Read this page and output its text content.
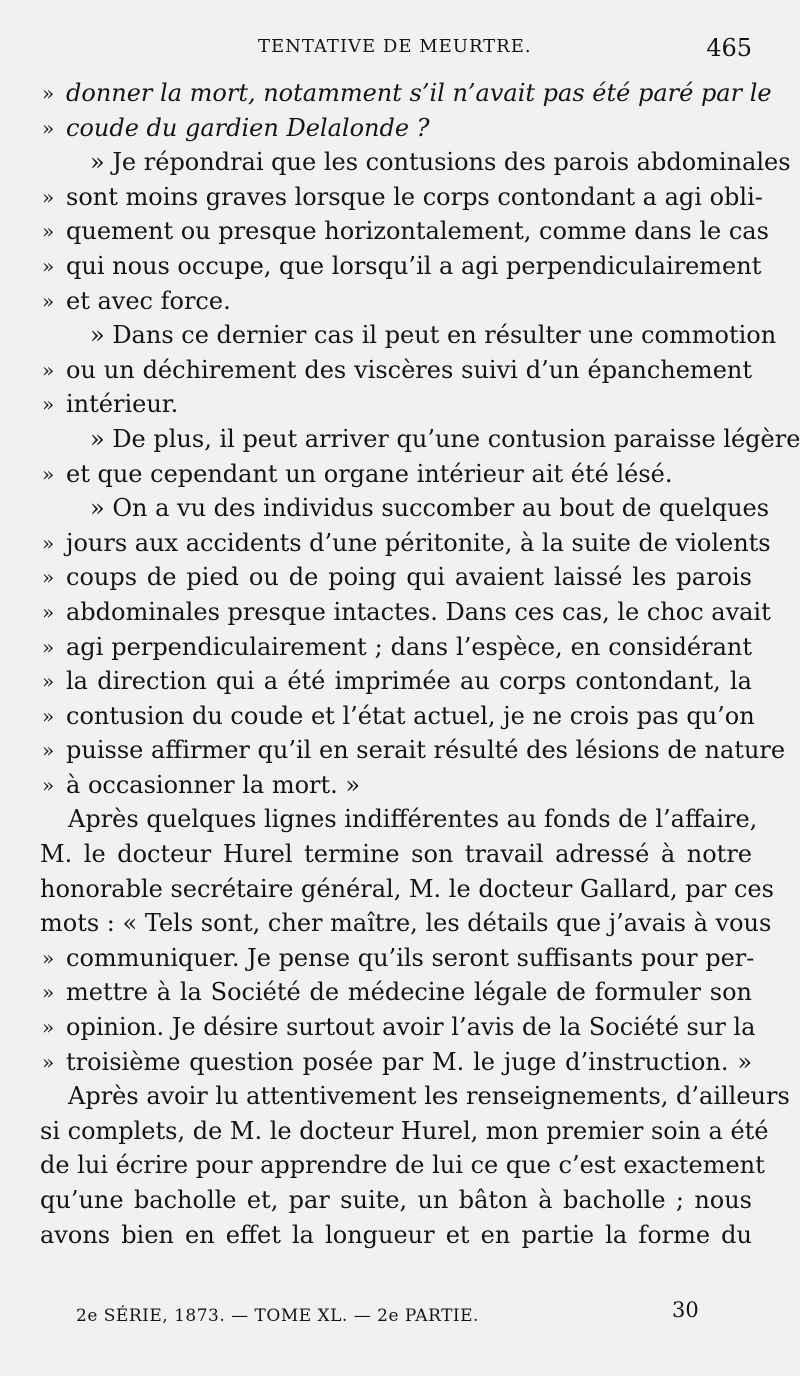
TENTATIVE DE MEURTRE.	465
» donner la mort, notamment s’il n’avait pas été paré par le
» coude du gardien Delalonde ?
» Je répondrai que les contusions des parois abdominales
» sont moins graves lorsque le corps contondant a agi obli-
» quement ou presque horizontalement, comme dans le cas
» qui nous occupe, que lorsqu’il a agi perpendiculairement
» et avec force.
» Dans ce dernier cas il peut en résulter une commotion
» ou un déchirement des viscères suivi d’un épanchement
» intérieur.
» De plus, il peut arriver qu’une contusion paraisse légère
» et que cependant un organe intérieur ait été lésé.
» On a vu des individus succomber au bout de quelques
» jours aux accidents d’une péritonite, à la suite de violents
» coups de pied ou de poing qui avaient laissé les parois
» abdominales presque intactes. Dans ces cas, le choc avait
» agi perpendiculairement ; dans l’espèce, en considérant
» la direction qui a été imprimée au corps contondant, la
» contusion du coude et l’état actuel, je ne crois pas qu’on
» puisse affirmer qu’il en serait résulté des lésions de nature
» à occasionner la mort. »
Après quelques lignes indifférentes au fonds de l’affaire,
M. le docteur Hurel termine son travail adressé à notre
honorable secrétaire général, M. le docteur Gallard, par ces
mots : « Tels sont, cher maître, les détails que j’avais à vous
» communiquer. Je pense qu’ils seront suffisants pour per-
» mettre à la Société de médecine légale de formuler son
» opinion. Je désire surtout avoir l’avis de la Société sur la
» troisième question posée par M. le juge d’instruction. »
Après avoir lu attentivement les renseignements, d’ailleurs
si complets, de M. le docteur Hurel, mon premier soin a été
de lui écrire pour apprendre de lui ce que c’est exactement
qu’une bacholle et, par suite, un bâton à bacholle ; nous
avons bien en effet la longueur et en partie la forme du
2e SÉRIE, 1873. — TOME XL. — 2e PARTIE.	30
